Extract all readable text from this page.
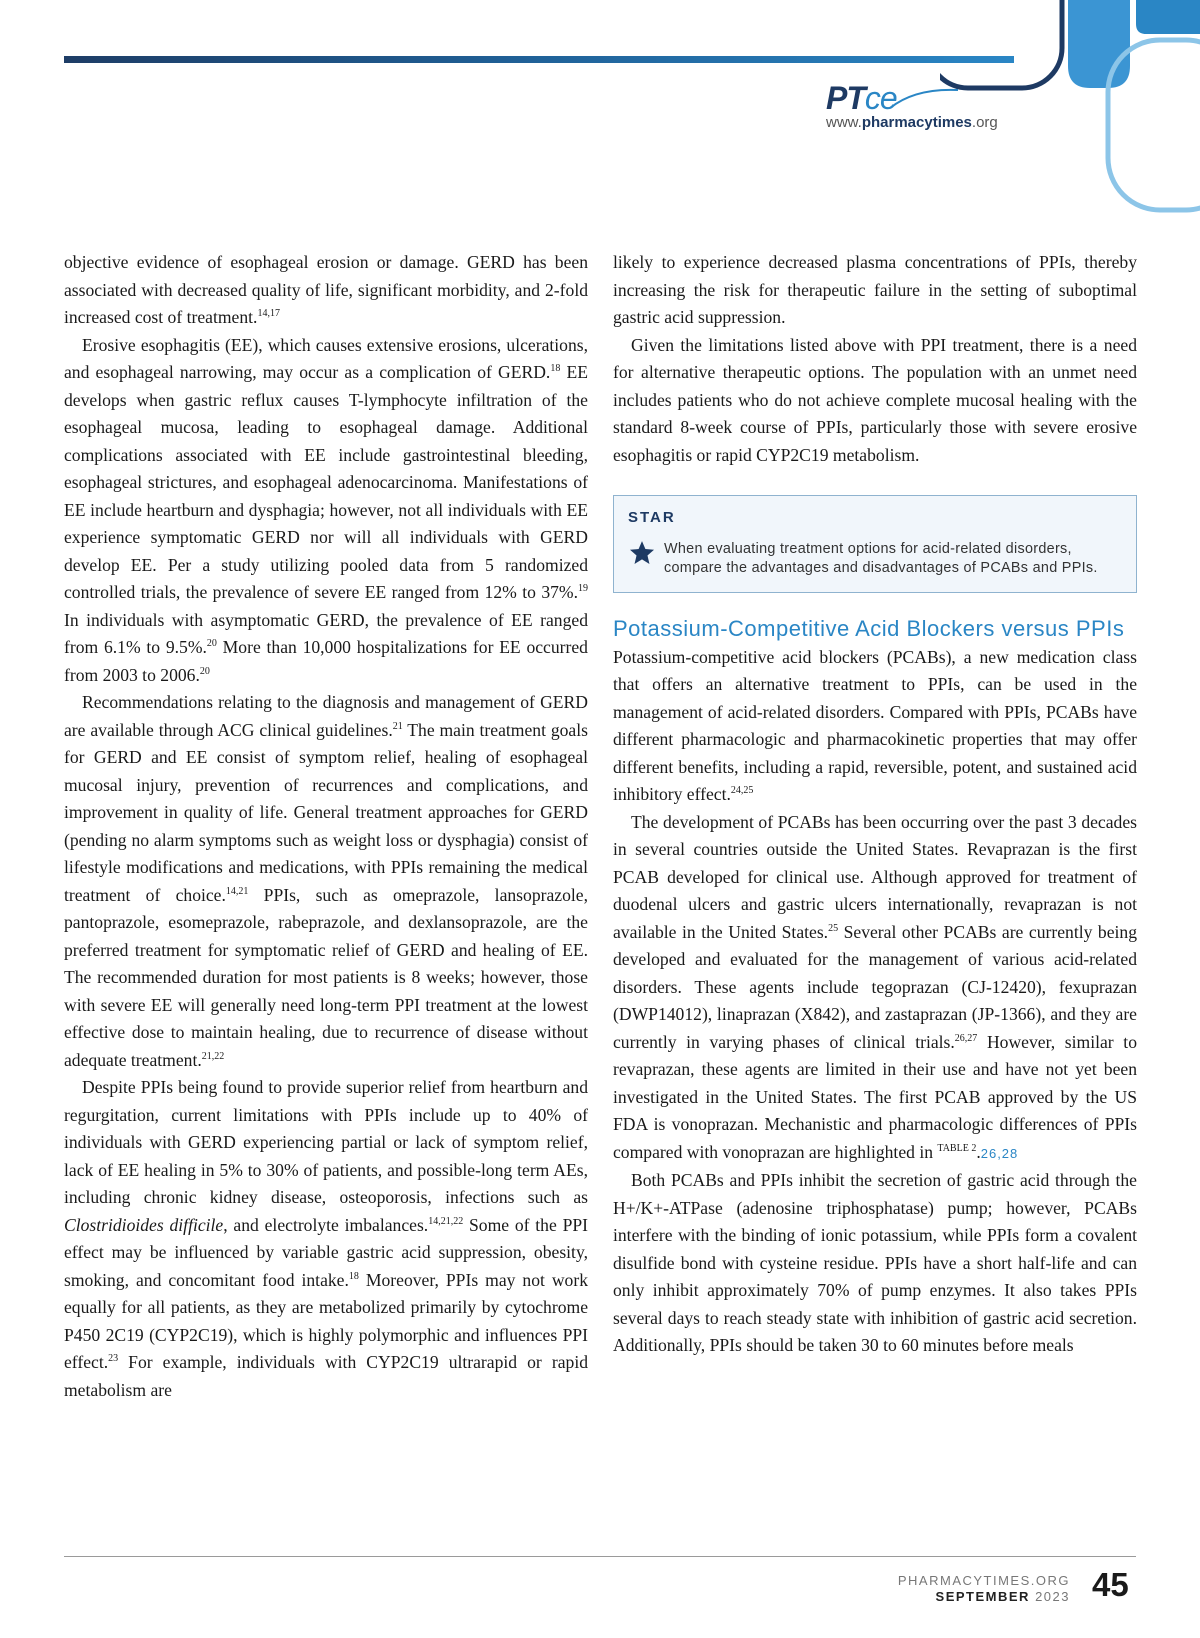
PTce
www.pharmacytimes.org

objective evidence of esophageal erosion or damage. GERD has been associated with decreased quality of life, significant morbidity, and 2-fold increased cost of treatment.$^{14,17}$

Erosive esophagitis (EE), which causes extensive erosions, ulcerations, and esophageal narrowing, may occur as a complication of GERD.$^{18}$ EE develops when gastric reflux causes T-lymphocyte infiltration of the esophageal mucosa, leading to esophageal damage. Additional complications associated with EE include gastrointestinal bleeding, esophageal strictures, and esophageal adenocarcinoma. Manifestations of EE include heartburn and dysphagia; however, not all individuals with EE experience symptomatic GERD nor will all individuals with GERD develop EE. Per a study utilizing pooled data from 5 randomized controlled trials, the prevalence of severe EE ranged from 12% to 37%.$^{19}$ In individuals with asymptomatic GERD, the prevalence of EE ranged from 6.1% to 9.5%.$^{20}$ More than 10,000 hospitalizations for EE occurred from 2003 to 2006.20

Recommendations relating to the diagnosis and management of GERD are available through ACG clinical guidelines.$^{21}$ The main treatment goals for GERD and EE consist of symptom relief, healing of esophageal mucosal injury, prevention of recurrences and complications, and improvement in quality of life. General treatment approaches for GERD (pending no alarm symptoms such as weight loss or dysphagia) consist of lifestyle modifications and medications, with PPIs remaining the medical treatment of choice.$^{14,21}$ PPIs, such as omeprazole, lansoprazole, pantoprazole, esomeprazole, rabeprazole, and dexlansoprazole, are the preferred treatment for symptomatic relief of GERD and healing of EE. The recommended duration for most patients is 8 weeks; however, those with severe EE will generally need long-term PPI treatment at the lowest effective dose to maintain healing, due to recurrence of disease without adequate treatment.$^{21,22}$

Despite PPIs being found to provide superior relief from heartburn and regurgitation, current limitations with PPIs include up to 40% of individuals with GERD experiencing partial or lack of symptom relief, lack of EE healing in 5% to 30% of patients, and possible-long term AEs, including chronic kidney disease, osteoporosis, infections such as Clostridioides difficile, and electrolyte imbalances.$^{14,21,22}$ Some of the PPI effect may be influenced by variable gastric acid suppression, obesity, smoking, and concomitant food intake.$^{18}$ Moreover, PPIs may not work equally for all patients, as they are metabolized primarily by cytochrome P450 2C19 (CYP2C19), which is highly polymorphic and influences PPI effect.$^{23}$ For example, individuals with CYP2C19 ultrarapid or rapid metabolism are

likely to experience decreased plasma concentrations of PPIs, thereby increasing the risk for therapeutic failure in the setting of suboptimal gastric acid suppression.

Given the limitations listed above with PPI treatment, there is a need for alternative therapeutic options. The population with an unmet need includes patients who do not achieve complete mucosal healing with the standard 8-week course of PPIs, particularly those with severe erosive esophagitis or rapid CYP2C19 metabolism.

STAR
When evaluating treatment options for acid-related disorders, compare the advantages and disadvantages of PCABs and PPIs.
Potassium-Competitive Acid Blockers versus PPIs

Potassium-competitive acid blockers (PCABs), a new medication class that offers an alternative treatment to PPIs, can be used in the management of acid-related disorders. Compared with PPIs, PCABs have different pharmacologic and pharmacokinetic properties that may offer different benefits, including a rapid, reversible, potent, and sustained acid inhibitory effect.$^{24,25}$

The development of PCABs has been occurring over the past 3 decades in several countries outside the United States. Revaprazan is the first PCAB developed for clinical use. Although approved for treatment of duodenal ulcers and gastric ulcers internationally, revaprazan is not available in the United States.$^{25}$ Several other PCABs are currently being developed and evaluated for the management of various acid-related disorders. These agents include tegoprazan (CJ-12420), fexuprazan (DWP14012), linaprazan (X842), and zastaprazan (JP-1366), and they are currently in varying phases of clinical trials.$^{26,27}$ However, similar to revaprazan, these agents are limited in their use and have not yet been investigated in the United States. The first PCAB approved by the US FDA is vonoprazan. Mechanistic and pharmacologic differences of PPIs compared with vonoprazan are highlighted in $^{TABLE 2}$.26,28

Both PCABs and PPIs inhibit the secretion of gastric acid through the H+/K+-ATPase (adenosine triphosphatase) pump; however, PCABs interfere with the binding of ionic potassium, while PPIs form a covalent disulfide bond with cysteine residue. PPIs have a short half-life and can only inhibit approximately 70% of pump enzymes. It also takes PPIs several days to reach steady state with inhibition of gastric acid secretion. Additionally, PPIs should be taken 30 to 60 minutes before meals

PHARMACYTIMES.ORG
SEPTEMBER 2023 45
